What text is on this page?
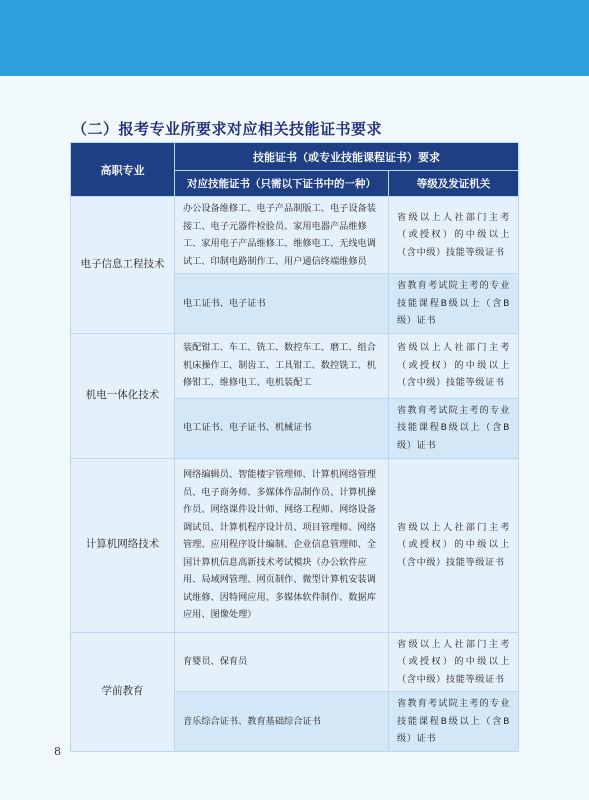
（二）报考专业所要求对应相关技能证书要求
高职专业	技能证书（或专业技能课程证书）要求	
	对应技能证书（只需以下证书中的一种）	等级及发证机关
电子信息工程技术	办公设备维修工、电子产品制版工、电子设备装接工、电子元器件检验员、家用电器产品维修工、家用电子产品维修工、维修电工、无线电调试工、印制电路制作工、用户通信终端维修员	省级以上人社部门主考（或授权）的中级以上（含中级）技能等级证书
	电工证书、电子证书	省教育考试院主考的专业技能课程B级以上（含B级）证书
机电一体化技术	装配钳工、车工、铣工、数控车工、磨工、组合机床操作工、制齿工、工具钳工、数控铣工、机修钳工、维修电工、电机装配工	省级以上人社部门主考（或授权）的中级以上（含中级）技能等级证书
	电工证书、电子证书、机械证书	省教育考试院主考的专业技能课程B级以上（含B级）证书
计算机网络技术	网络编辑员、智能楼宇管理师、计算机网络管理员、电子商务师、多媒体作品制作员、计算机操作员、网络课件设计师、网络工程师、网络设备调试员、计算机程序设计员、项目管理师、网络管理、应用程序设计编制、企业信息管理师、全国计算机信息高新技术考试模块（办公软件应用、局域网管理、网页制作、微型计算机安装调试维修、因特网应用、多媒体软件制作、数据库应用、图像处理）	省级以上人社部门主考（或授权）的中级以上（含中级）技能等级证书
学前教育	育婴员、保育员	省级以上人社部门主考（或授权）的中级以上（含中级）技能等级证书
	音乐综合证书、教育基础综合证书	省教育考试院主考的专业技能课程B级以上（含B级）证书
8
